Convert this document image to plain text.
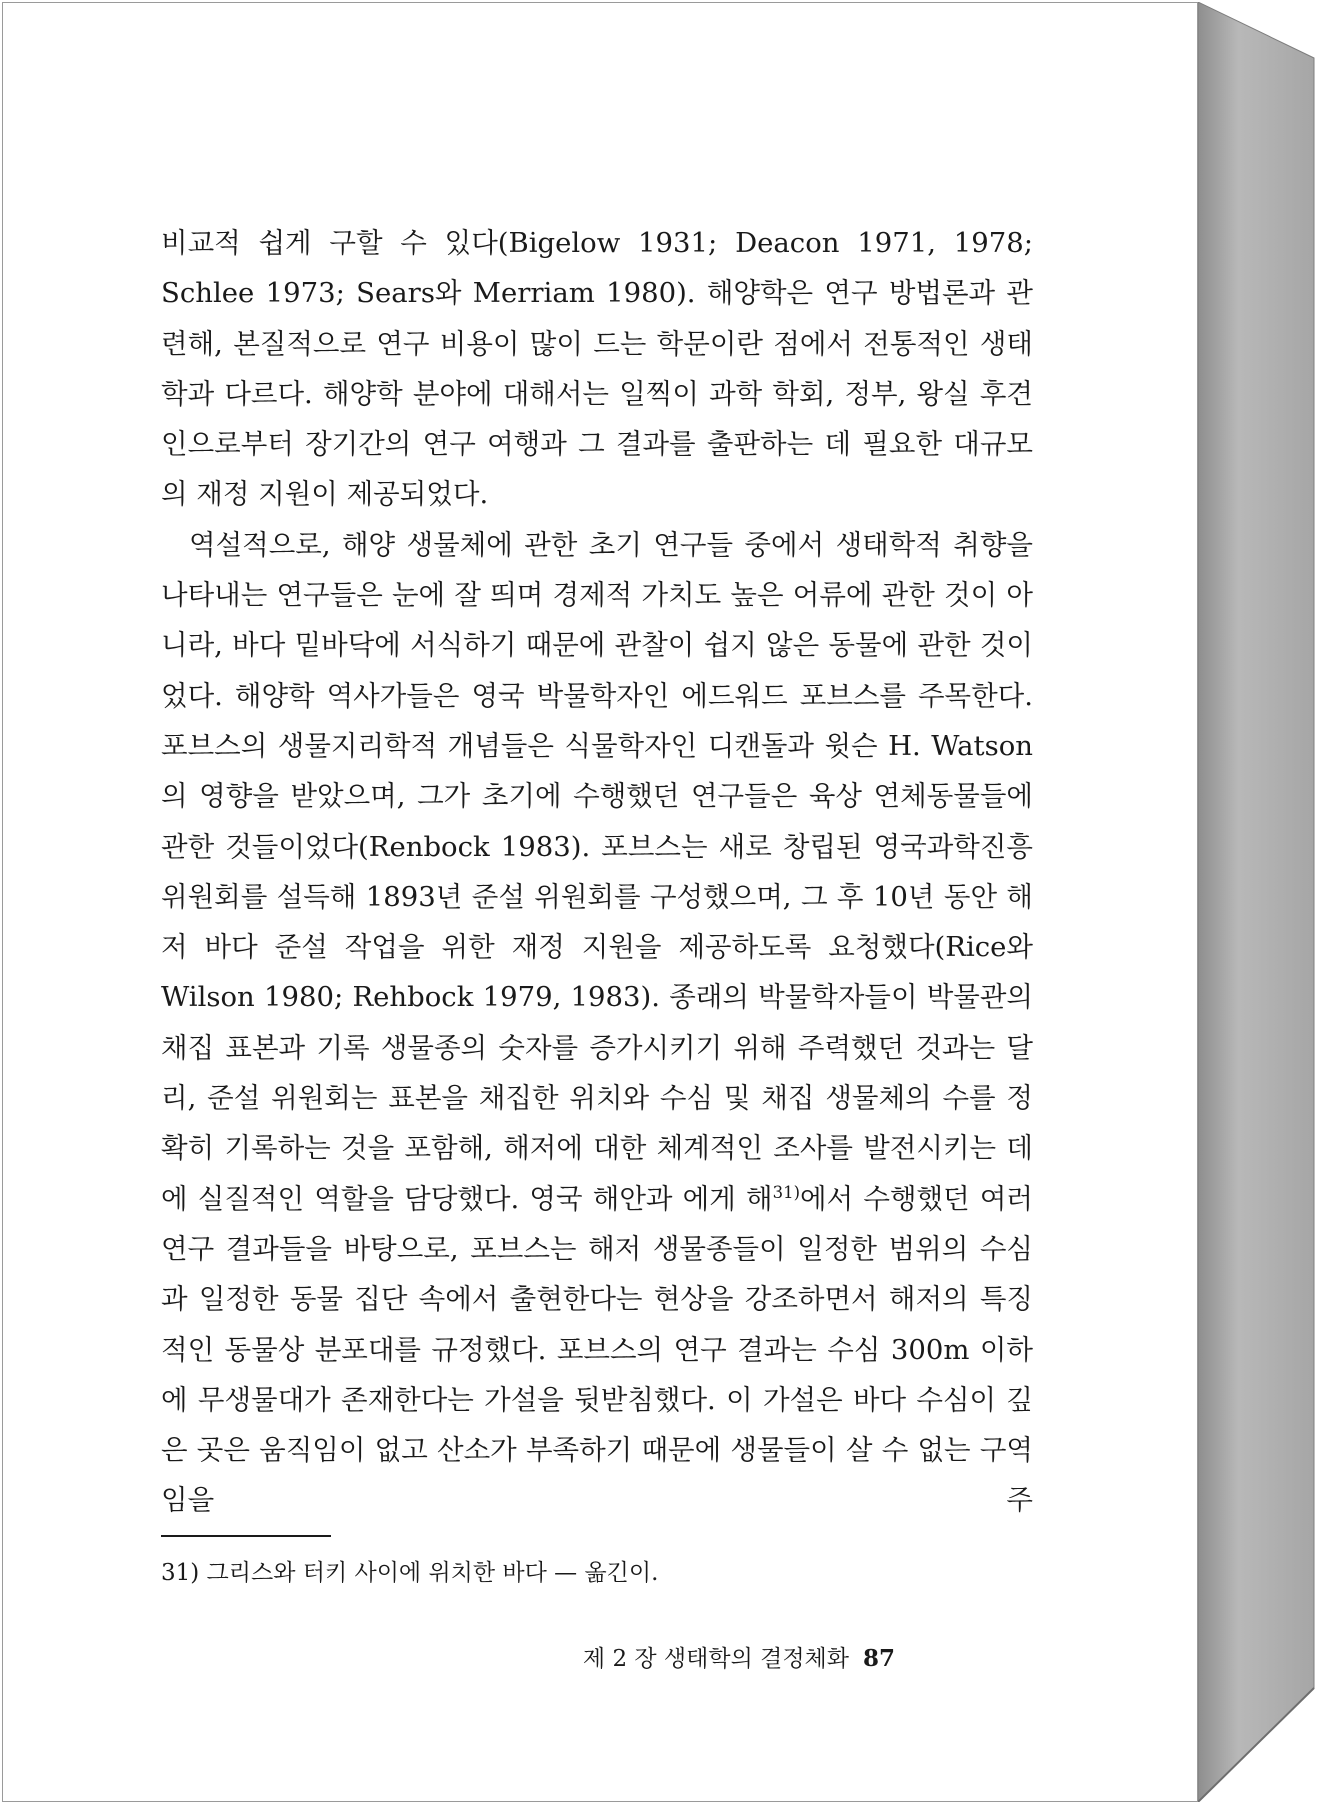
비교적 쉽게 구할 수 있다(Bigelow 1931; Deacon 1971, 1978; Schlee 1973; Sears와 Merriam 1980). 해양학은 연구 방법론과 관련해, 본질적으로 연구 비용이 많이 드는 학문이란 점에서 전통적인 생태학과 다르다. 해양학 분야에 대해서는 일찍이 과학 학회, 정부, 왕실 후견인으로부터 장기간의 연구 여행과 그 결과를 출판하는 데 필요한 대규모의 재정 지원이 제공되었다.

역설적으로, 해양 생물체에 관한 초기 연구들 중에서 생태학적 취향을 나타내는 연구들은 눈에 잘 띄며 경제적 가치도 높은 어류에 관한 것이 아니라, 바다 밑바닥에 서식하기 때문에 관찰이 쉽지 않은 동물에 관한 것이었다. 해양학 역사가들은 영국 박물학자인 에드워드 포브스를 주목한다. 포브스의 생물지리학적 개념들은 식물학자인 디캔돌과 윗슨 H. Watson의 영향을 받았으며, 그가 초기에 수행했던 연구들은 육상 연체동물들에 관한 것들이었다(Renbock 1983). 포브스는 새로 창립된 영국과학진흥위원회를 설득해 1893년 준설 위원회를 구성했으며, 그 후 10년 동안 해저 바다 준설 작업을 위한 재정 지원을 제공하도록 요청했다(Rice와 Wilson 1980; Rehbock 1979, 1983). 종래의 박물학자들이 박물관의 채집 표본과 기록 생물종의 숫자를 증가시키기 위해 주력했던 것과는 달리, 준설 위원회는 표본을 채집한 위치와 수심 및 채집 생물체의 수를 정확히 기록하는 것을 포함해, 해저에 대한 체계적인 조사를 발전시키는 데에 실질적인 역할을 담당했다. 영국 해안과 에게 해$^{31)}$에서 수행했던 여러 연구 결과들을 바탕으로, 포브스는 해저 생물종들이 일정한 범위의 수심과 일정한 동물 집단 속에서 출현한다는 현상을 강조하면서 해저의 특징적인 동물상 분포대를 규정했다. 포브스의 연구 결과는 수심 300m 이하에 무생물대가 존재한다는 가설을 뒷받침했다. 이 가설은 바다 수심이 깊은 곳은 움직임이 없고 산소가 부족하기 때문에 생물들이 살 수 없는 구역임을 주

31) 그리스와 터키 사이에 위치한 바다 — 옮긴이.
제 2 장 생태학의 결정체화 87
